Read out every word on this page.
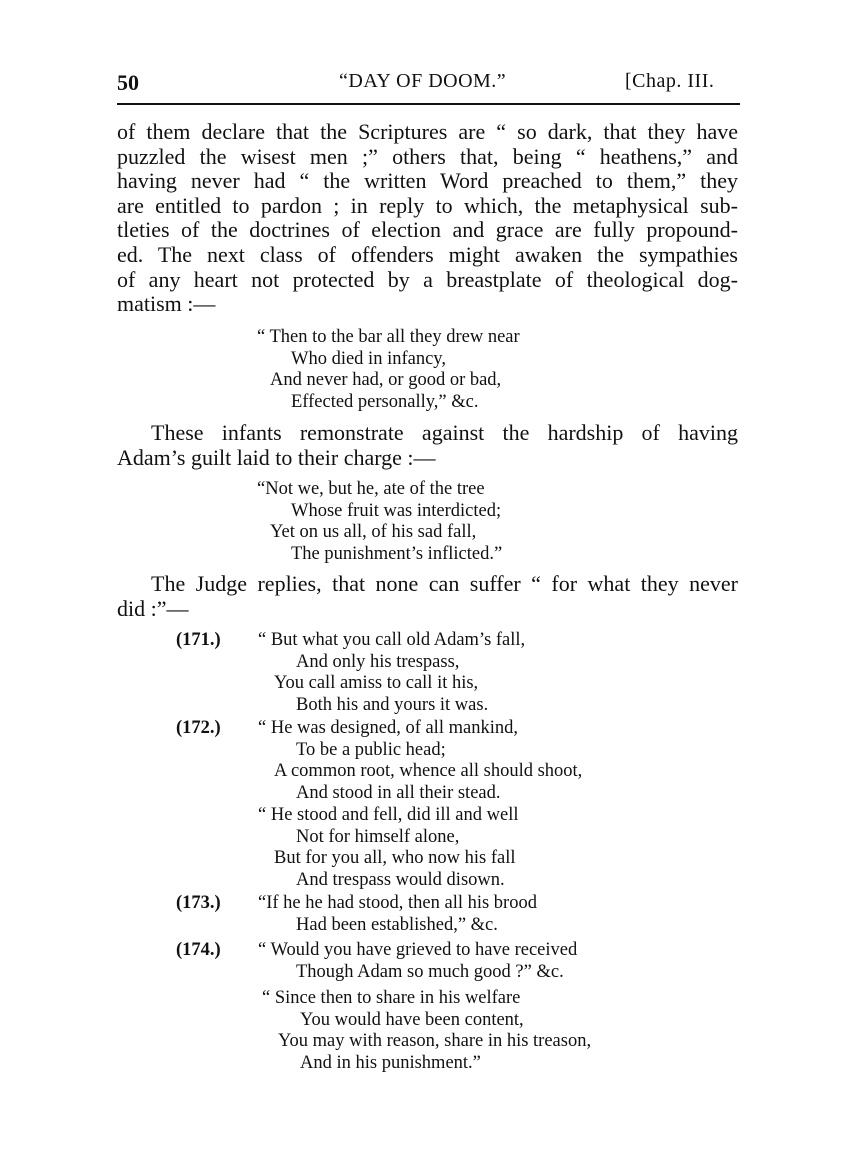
50	“DAY OF DOOM.”	[Chap. III.
of them declare that the Scriptures are “ so dark, that they have
puzzled the wisest men ;” others that, being “ heathens,” and
having never had “ the written Word preached to them,” they
are entitled to pardon ; in reply to which, the metaphysical sub-
tleties of the doctrines of election and grace are fully propound-
ed. The next class of offenders might awaken the sympathies
of any heart not protected by a breastplate of theological dog-
matism :—
“ Then to the bar all they drew near
Who died in infancy,
And never had, or good or bad,
Effected personally,” &c.
These infants remonstrate against the hardship of having
Adam’s guilt laid to their charge :—
“Not we, but he, ate of the tree
Whose fruit was interdicted;
Yet on us all, of his sad fall,
The punishment’s inflicted.”
The Judge replies, that none can suffer “ for what they never
did :”—
(171.) “ But what you call old Adam’s fall,
And only his trespass,
You call amiss to call it his,
Both his and yours it was.
(172.) “ He was designed, of all mankind,
To be a public head;
A common root, whence all should shoot,
And stood in all their stead.
“ He stood and fell, did ill and well
Not for himself alone,
But for you all, who now his fall
And trespass would disown.
(173.) “If he he had stood, then all his brood
Had been established,” &c.
(174.) “ Would you have grieved to have received
Though Adam so much good ?” &c.
“ Since then to share in his welfare
You would have been content,
You may with reason, share in his treason,
And in his punishment.”
